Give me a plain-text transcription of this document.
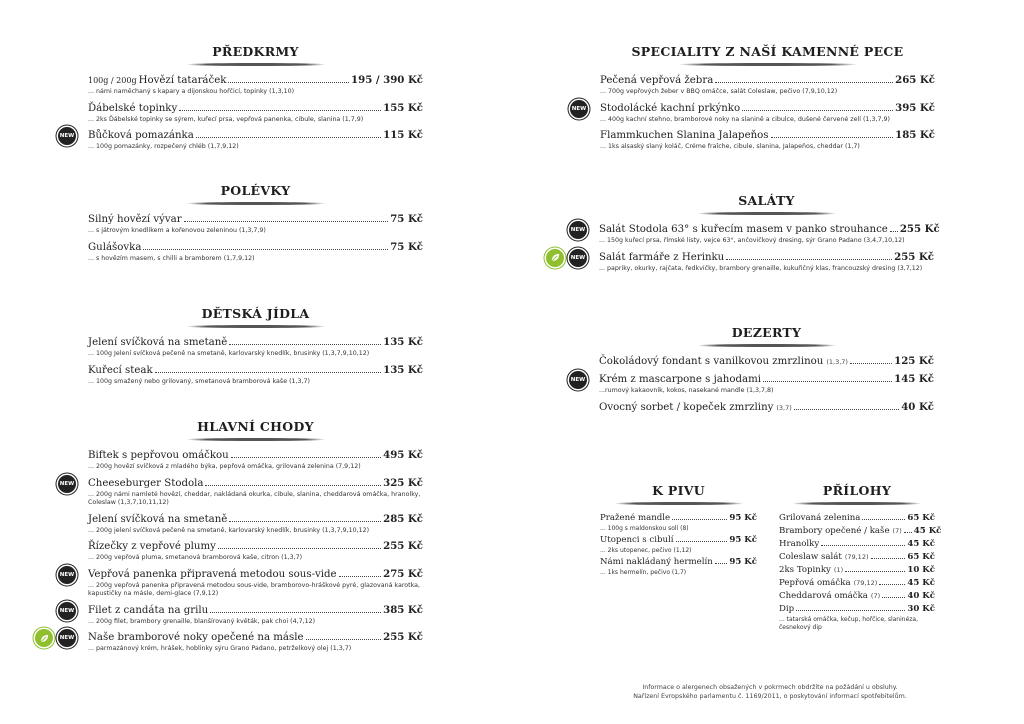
PŘEDKRMY
100g / 200g Hovězí tataráček	195 / 390 Kč
... námi naměchaný s kapary a dijonskou hořčicí, topinky (1,3,10)
Ďábelské topinky	155 Kč
... 2ks Ďábelské topinky se sýrem, kuřecí prsa, vepřová panenka, cibule, slanina (1,7,9)
NEW Bůčková pomazánka	115 Kč
... 100g pomazánky, rozpečený chléb (1,7,9,12)
POLÉVKY
Silný hovězí vývar	75 Kč
... s játrovým knedlíkem a kořenovou zeleninou (1,3,7,9)
Gulášovka	75 Kč
... s hovězím masem, s chilli a bramborem (1,7,9,12)
DĚTSKÁ JÍDLA
Jelení svíčková na smetaně	135 Kč
... 100g Jelení svíčková pečeně na smetaně, karlovarský knedlík, brusinky (1,3,7,9,10,12)
Kuřecí steak	135 Kč
... 100g smažený nebo grilovaný, smetanová bramborová kaše (1,3,7)
HLAVNÍ CHODY
Biftek s pepřovou omáčkou	495 Kč
... 200g hovězí svíčková z mladého býka, pepřová omáčka, grilovaná zelenina (7,9,12)
NEW Cheeseburger Stodola	325 Kč
... 200g námi namleté hovězí, cheddar, nakládaná okurka, cibule, slanina, cheddarová omáčka, hranolky, Coleslaw (1,3,7,10,11,12)
Jelení svíčková na smetaně	285 Kč
... 200g jelení svíčková pečeně na smetaně, karlovarský knedlík, brusinky (1,3,7,9,10,12)
Řízečky z vepřové plumy	255 Kč
... 200g vepřová pluma, smetanová bramborová kaše, citron (1,3,7)
NEW Vepřová panenka připravená metodou sous-vide	275 Kč
... 200g vepřová panenka připravená metodou sous-vide, bramborovo-hráškové pyré, glazovaná karotka, kapustičky na másle, demi-glace (7,9,12)
NEW Filet z candáta na grilu	385 Kč
... 200g filet, brambory grenaille, blanšírovaný květák, pak choi (4,7,12)
NEW Naše bramborové noky opečené na másle	255 Kč
... parmazánový krém, hrášek, hoblinky sýru Grano Padano, petrželkový olej (1,3,7)
SPECIALITY Z NAŠÍ KAMENNÉ PECE
Pečená vepřová žebra	265 Kč
... 700g vepřových žeber v BBQ omáčce, salát Coleslaw, pečivo (7,9,10,12)
NEW Stodolácké kachní prkýnko	395 Kč
... 400g kachní stehno, bramborové noky na slanině a cibulce, dušené červené zelí (1,3,7,9)
Flammkuchen Slanina Jalapeňos	185 Kč
... 1ks alsaský slaný koláč, Créme fraîche, cibule, slanina, Jalapeňos, cheddar (1,7)
SALÁTY
NEW Salát Stodola 63° s kuřecím masem v panko strouhance 255 Kč
... 150g kuřecí prsa, římské listy, vejce 63°, ančovičkový dresing, sýr Grano Padano (3,4,7,10,12)
NEW Salát farmáře z Herinku	255 Kč
... papriky, okurky, rajčata, ředkvičky, brambory grenaille, kukuřičný klas, francouzský dresing (3,7,12)
DEZERTY
Čokoládový fondant s vanilkovou zmrzlinou (1,3,7)	125 Kč
NEW Krém z mascarpone s jahodami	145 Kč
...rumový kakaovník, kokos, nasekané mandle (1,3,7,8)
Ovocný sorbet / kopeček zmrzliny (3,7)	40 Kč
K PIVU
Pražené mandle	95 Kč
... 100g s maldonskou solí (8)
Utopenci s cibulí	95 Kč
... 2ks utopenec, pečivo (1,12)
Námi nakládaný hermelín 95 Kč
... 1ks hermelín, pečivo (1,7)
PŘÍLOHY
Grilovaná zelenina	65 Kč
Brambory opečené / kaše (7) 45 Kč
Hranolky	45 Kč
Coleslaw salát (79,12)	65 Kč
2ks Topinky (1)	10 Kč
Pepřová omáčka (79,12)	45 Kč
Cheddarová omáčka (7)	40 Kč
Dip	30 Kč
... tatarská omáčka, kečup, hořčice, slaninéza, česnekový dip
Informace o alergenech obsažených v pokrmech obdržíte na požádání u obsluhy.
Nařízení Evropského parlamentu č. 1169/2011, o poskytování informací spotřebitelům.
